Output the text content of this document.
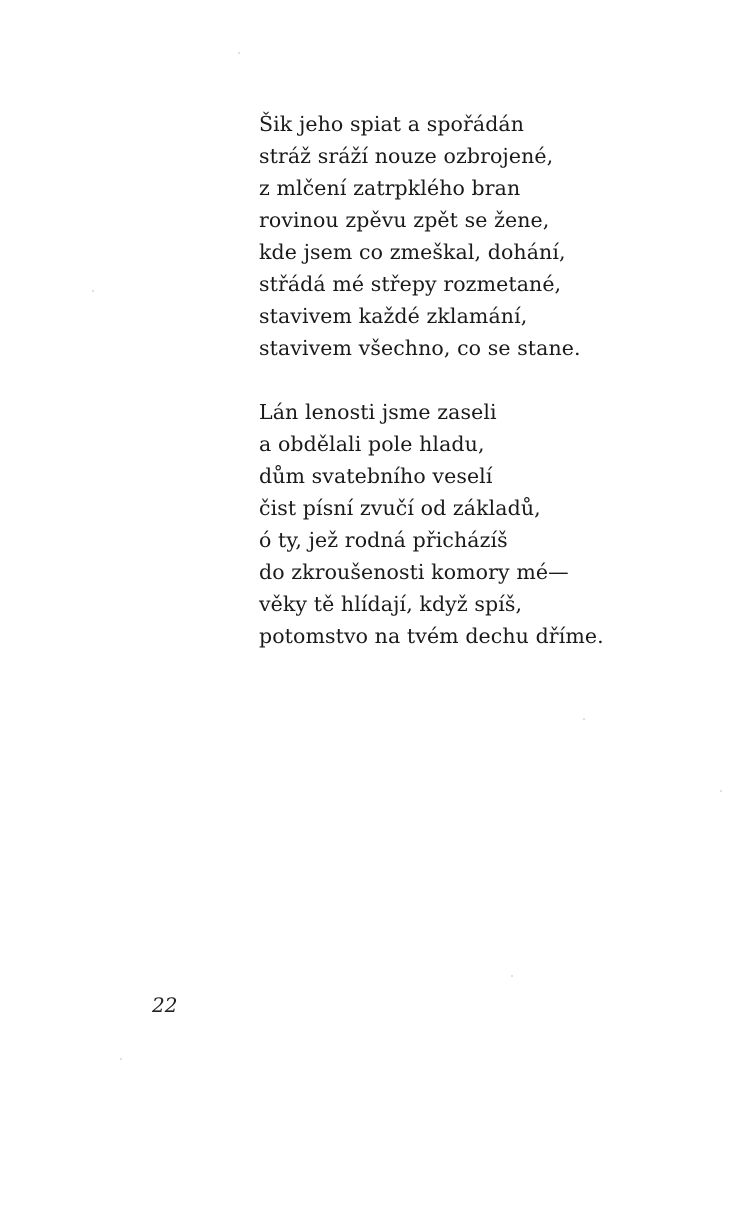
Šik jeho spiat a spořádán
stráž sráží nouze ozbrojené,
z mlčení zatrpklého bran
rovinou zpěvu zpět se žene,
kde jsem co zmeškal, dohání,
střádá mé střepy rozmetané,
stavivem každé zklamání,
stavivem všechno, co se stane.
Lán lenosti jsme zaseli
a obdělali pole hladu,
dům svatebního veselí
čist písní zvučí od základů,
ó ty, jež rodná přicházíš
do zkroušenosti komory mé—
věky tě hlídají, když spíš,
potomstvo na tvém dechu dříme.
22
